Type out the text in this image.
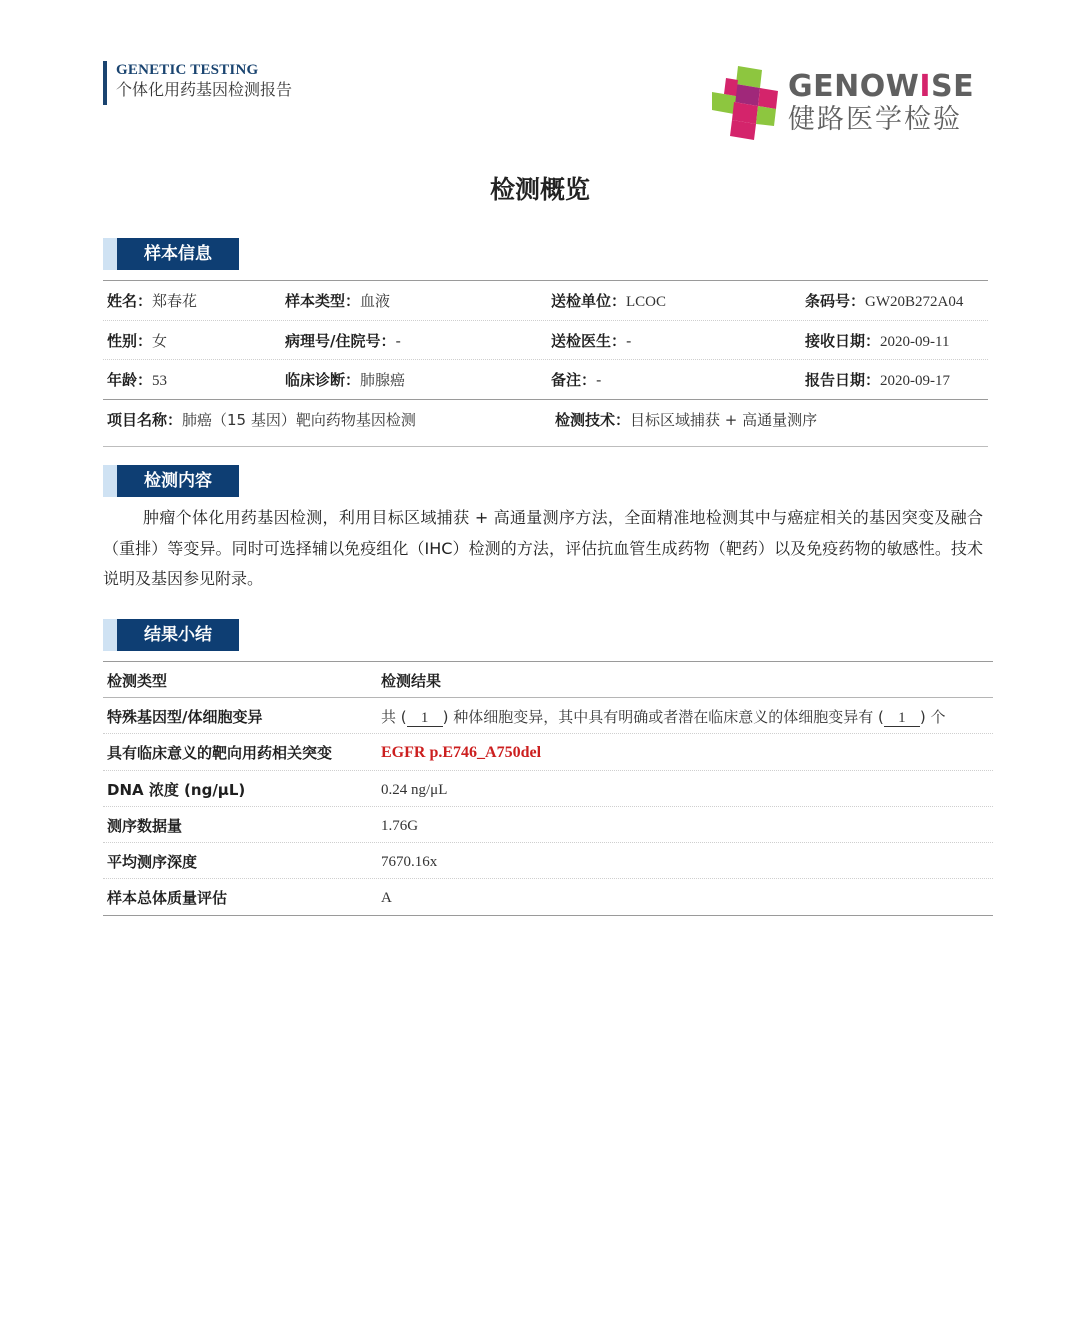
GENETIC TESTING
个体化用药基因检测报告	GENOWISE
健路医学检验
检测概览
样本信息
姓名：郑春花	样本类型：血液	送检单位：LCOC	条码号：GW20B272A04
性别：女	病理号/住院号：-	送检医生：-	接收日期：2020-09-11
年龄：53	临床诊断：肺腺癌	备注：-	报告日期：2020-09-17
项目名称：肺癌（15 基因）靶向药物基因检测	检测技术：目标区域捕获 + 高通量测序
检测内容

肿瘤个体化用药基因检测，利用目标区域捕获 + 高通量测序方法，全面精准地检测其中与癌症相关的基因突变及融合（重排）等变异。同时可选择辅以免疫组化（IHC）检测的方法，评估抗血管生成药物（靶药）以及免疫药物的敏感性。技术说明及基因参见附录。

结果小结
检测类型	检测结果
特殊基因型/体细胞变异	共 ( 1 ) 种体细胞变异，其中具有明确或者潜在临床意义的体细胞变异有 ( 1 ) 个
具有临床意义的靶向用药相关突变	EGFR p.E746_A750del
DNA 浓度 (ng/μL)	0.24 ng/μL
测序数据量	1.76G
平均测序深度	7670.16x
样本总体质量评估	A
